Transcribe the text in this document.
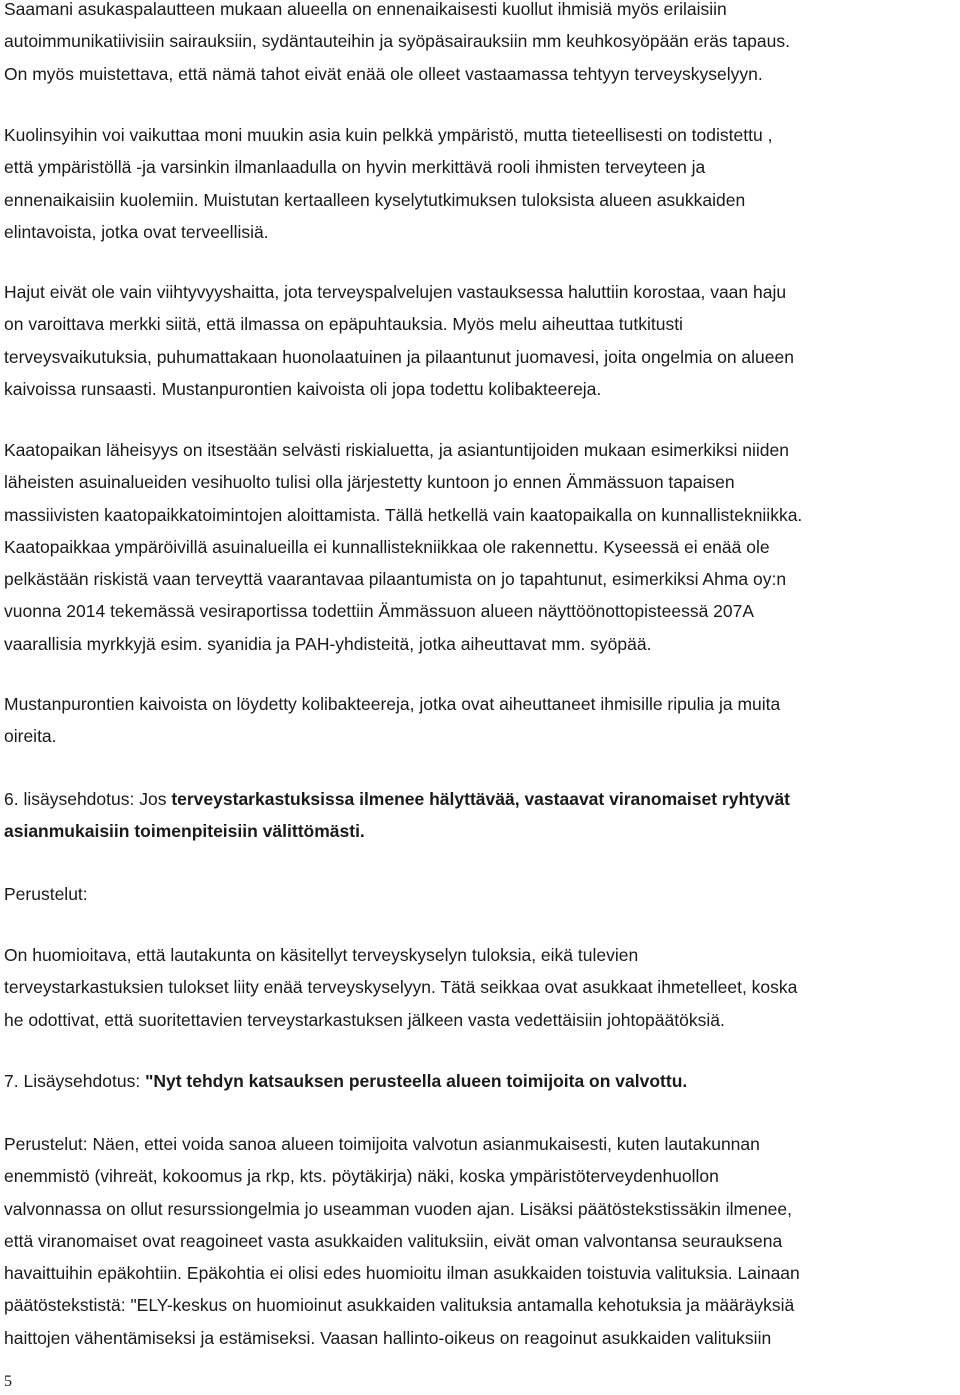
Saamani asukaspalautteen mukaan alueella on ennenaikaisesti kuollut ihmisiä myös erilaisiin
autoimmunikatiivisiin sairauksiin, sydäntauteihin ja syöpäsairauksiin mm keuhkosyöpään eräs tapaus.
On myös muistettava, että nämä tahot eivät enää ole olleet vastaamassa tehtyyn terveyskyselyyn.

Kuolinsyihin voi vaikuttaa moni muukin asia kuin pelkkä ympäristö, mutta tieteellisesti on todistettu ,
että ympäristöllä -ja varsinkin ilmanlaadulla on hyvin merkittävä rooli ihmisten terveyteen ja
ennenaikaisiin kuolemiin. Muistutan kertaalleen kyselytutkimuksen tuloksista alueen asukkaiden
elintavoista, jotka ovat terveellisiä.

Hajut eivät ole vain viihtyvyyshaitta, jota terveyspalvelujen vastauksessa haluttiin korostaa, vaan haju
on varoittava merkki siitä, että ilmassa on epäpuhtauksia. Myös melu aiheuttaa tutkitusti
terveysvaikutuksia, puhumattakaan huonolaatuinen ja pilaantunut juomavesi, joita ongelmia on alueen
kaivoissa runsaasti. Mustanpurontien kaivoista oli jopa todettu kolibakteereja.

Kaatopaikan läheisyys on itsestään selvästi riskialuetta, ja asiantuntijoiden mukaan esimerkiksi niiden
läheisten asuinalueiden vesihuolto tulisi olla järjestetty kuntoon jo ennen Ämmässuon tapaisen
massiivisten kaatopaikkatoimintojen aloittamista. Tällä hetkellä vain kaatopaikalla on kunnallistekniikka.
Kaatopaikkaa ympäröivillä asuinalueilla ei kunnallistekniikkaa ole rakennettu. Kyseessä ei enää ole
pelkästään riskistä vaan terveyttä vaarantavaa pilaantumista on jo tapahtunut, esimerkiksi Ahma oy:n
vuonna 2014 tekemässä vesiraportissa todettiin Ämmässuon alueen näyttöönottopisteessä 207A
vaarallisia myrkkyjä esim. syanidia ja PAH-yhdisteitä, jotka aiheuttavat mm. syöpää.

Mustanpurontien kaivoista on löydetty kolibakteereja, jotka ovat aiheuttaneet ihmisille ripulia ja muita
oireita.

6. lisäysehdotus: Jos terveystarkastuksissa ilmenee hälyttävää, vastaavat viranomaiset ryhtyvät
asianmukaisiin toimenpiteisiin välittömästi.

Perustelut:

On huomioitava, että lautakunta on käsitellyt terveyskyselyn tuloksia, eikä tulevien
terveystarkastuksien tulokset liity enää terveyskyselyyn. Tätä seikkaa ovat asukkaat ihmetelleet, koska
he odottivat, että suoritettavien terveystarkastuksen jälkeen vasta vedettäisiin johtopäätöksiä.

7. Lisäysehdotus: "Nyt tehdyn katsauksen perusteella alueen toimijoita on valvottu.

Perustelut: Näen, ettei voida sanoa alueen toimijoita valvotun asianmukaisesti, kuten lautakunnan
enemmistö (vihreät, kokoomus ja rkp, kts. pöytäkirja) näki, koska ympäristöterveydenhuollon
valvonnassa on ollut resurssiongelmia jo useamman vuoden ajan. Lisäksi päätöstekstissäkin ilmenee,
että viranomaiset ovat reagoineet vasta asukkaiden valituksiin, eivät oman valvontansa seurauksena
havaittuihin epäkohtiin. Epäkohtia ei olisi edes huomioitu ilman asukkaiden toistuvia valituksia. Lainaan
päätöstekstistä: "ELY-keskus on huomioinut asukkaiden valituksia antamalla kehotuksia ja määräyksiä
haittojen vähentämiseksi ja estämiseksi. Vaasan hallinto-oikeus on reagoinut asukkaiden valituksiin

5
